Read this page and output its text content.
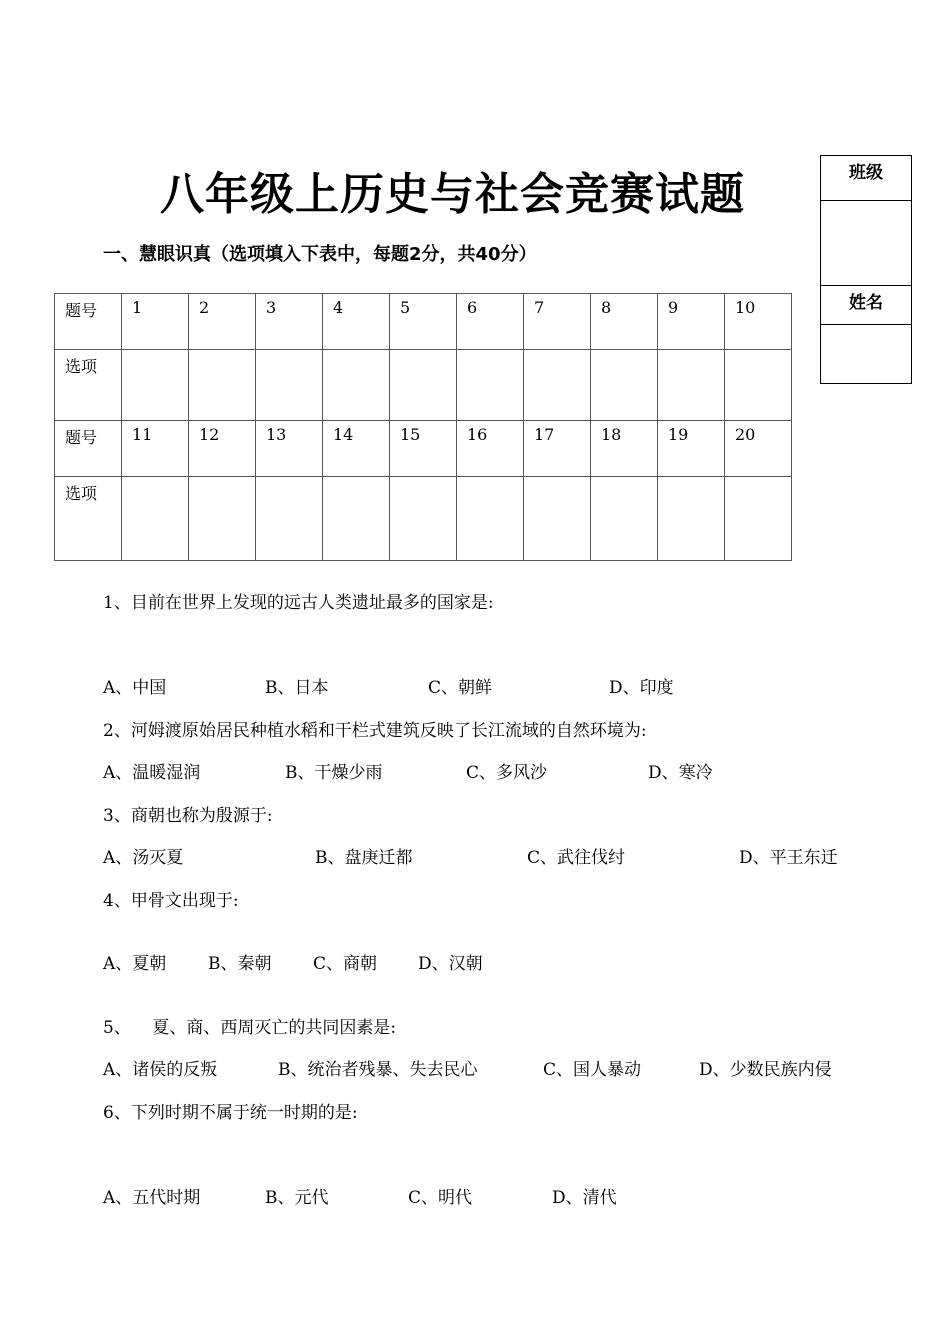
八年级上历史与社会竞赛试题	班级

姓名

一、慧眼识真（选项填入下表中，每题2分，共40分）
题号	1	2	3	4	5	6	7	8	9	10
选项										
题号	11	12	13	14	15	16	17	18	19	20
选项										

1、目前在世界上发现的远古人类遗址最多的国家是:

A、中国	B、日本	C、朝鲜	D、印度

2、河姆渡原始居民种植水稻和干栏式建筑反映了长江流域的自然环境为:

A、温暖湿润	B、干燥少雨	C、多风沙	D、寒冷

3、商朝也称为殷源于:

A、汤灭夏	B、盘庚迁都	C、武往伐纣	D、平王东迁

4、甲骨文出现于:

A、夏朝 B、秦朝 C、商朝 D、汉朝

5、    夏、商、西周灭亡的共同因素是:

A、诸侯的反叛	B、统治者残暴、失去民心	C、国人暴动	D、少数民族内侵

6、下列时期不属于统一时期的是:

A、五代时期	B、元代	C、明代	D、清代
